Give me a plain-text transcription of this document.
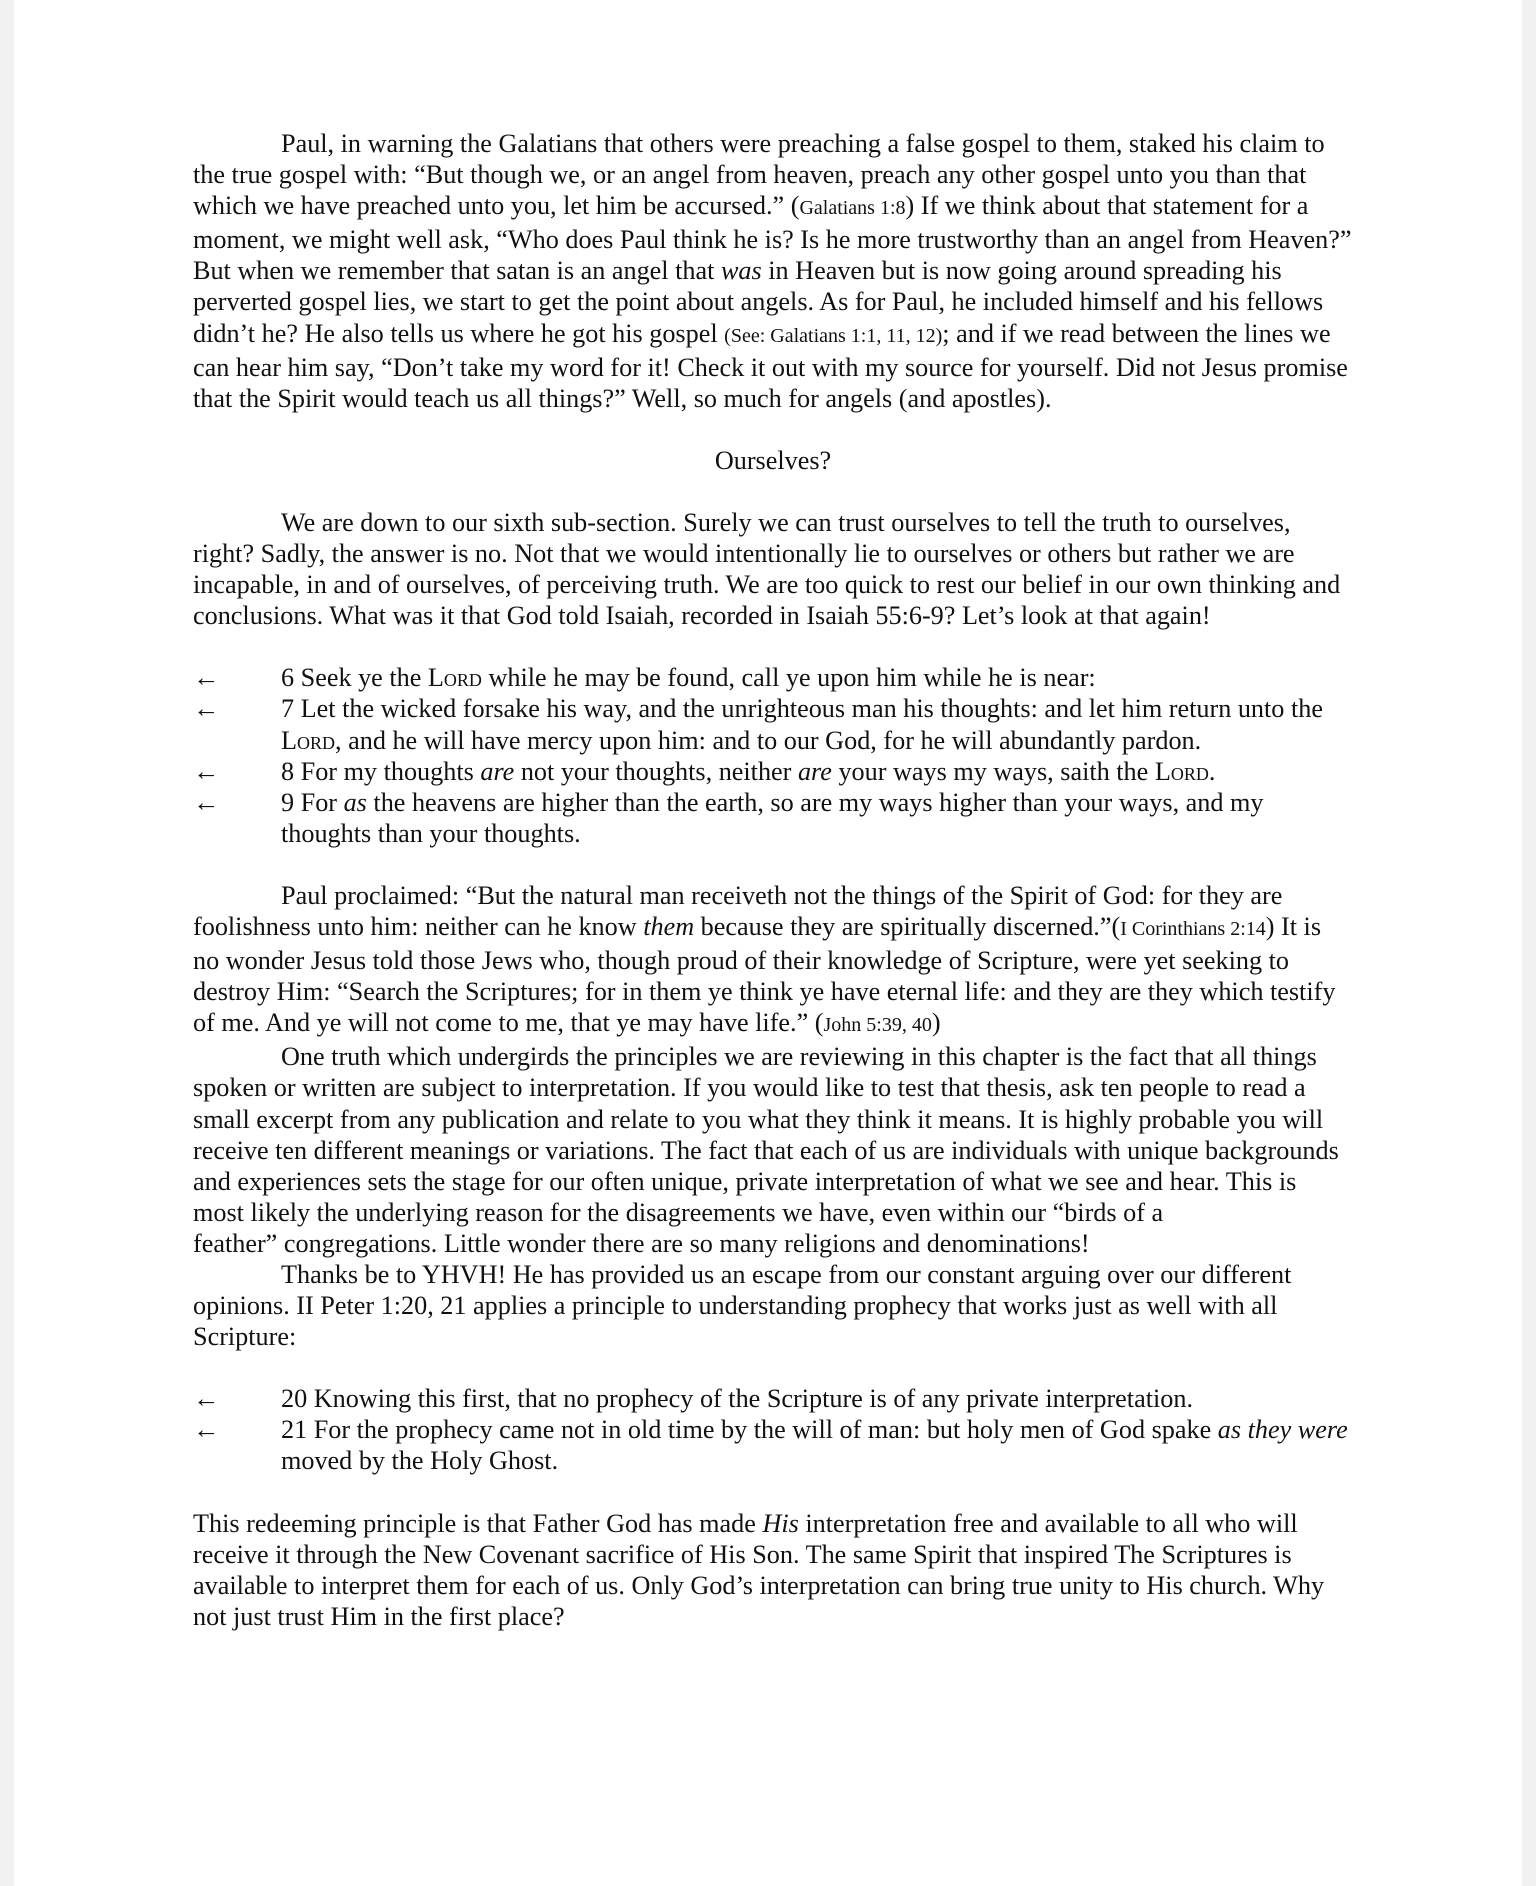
Paul, in warning the Galatians that others were preaching a false gospel to them, staked his claim to the true gospel with: “But though we, or an angel from heaven, preach any other gospel unto you than that which we have preached unto you, let him be accursed.” (Galatians 1:8) If we think about that statement for a moment, we might well ask, “Who does Paul think he is? Is he more trustworthy than an angel from Heaven?” But when we remember that satan is an angel that was in Heaven but is now going around spreading his perverted gospel lies, we start to get the point about angels. As for Paul, he included himself and his fellows didn’t he? He also tells us where he got his gospel (See: Galatians 1:1, 11, 12); and if we read between the lines we can hear him say, “Don’t take my word for it! Check it out with my source for yourself. Did not Jesus promise that the Spirit would teach us all things?” Well, so much for angels (and apostles).

Ourselves?

We are down to our sixth sub-section. Surely we can trust ourselves to tell the truth to ourselves, right? Sadly, the answer is no. Not that we would intentionally lie to ourselves or others but rather we are incapable, in and of ourselves, of perceiving truth. We are too quick to rest our belief in our own thinking and conclusions. What was it that God told Isaiah, recorded in Isaiah 55:6-9? Let’s look at that again!

← 6 Seek ye the Lord while he may be found, call ye upon him while he is near:
← 7 Let the wicked forsake his way, and the unrighteous man his thoughts: and let him return unto the Lord, and he will have mercy upon him: and to our God, for he will abundantly pardon.
← 8 For my thoughts are not your thoughts, neither are your ways my ways, saith the Lord.
← 9 For as the heavens are higher than the earth, so are my ways higher than your ways, and my thoughts than your thoughts.

Paul proclaimed: “But the natural man receiveth not the things of the Spirit of God: for they are foolishness unto him: neither can he know them because they are spiritually discerned.”(I Corinthians 2:14) It is no wonder Jesus told those Jews who, though proud of their knowledge of Scripture, were yet seeking to destroy Him: “Search the Scriptures; for in them ye think ye have eternal life: and they are they which testify of me. And ye will not come to me, that ye may have life.” (John 5:39, 40)

One truth which undergirds the principles we are reviewing in this chapter is the fact that all things spoken or written are subject to interpretation. If you would like to test that thesis, ask ten people to read a small excerpt from any publication and relate to you what they think it means. It is highly probable you will receive ten different meanings or variations. The fact that each of us are individuals with unique backgrounds and experiences sets the stage for our often unique, private interpretation of what we see and hear. This is most likely the underlying reason for the disagreements we have, even within our “birds of a

feather” congregations. Little wonder there are so many religions and denominations!

Thanks be to YHVH! He has provided us an escape from our constant arguing over our different opinions. II Peter 1:20, 21 applies a principle to understanding prophecy that works just as well with all Scripture:

← 20 Knowing this first, that no prophecy of the Scripture is of any private interpretation.
← 21 For the prophecy came not in old time by the will of man: but holy men of God spake as they were moved by the Holy Ghost.

This redeeming principle is that Father God has made His interpretation free and available to all who will receive it through the New Covenant sacrifice of His Son. The same Spirit that inspired The Scriptures is available to interpret them for each of us. Only God’s interpretation can bring true unity to His church. Why not just trust Him in the first place?
